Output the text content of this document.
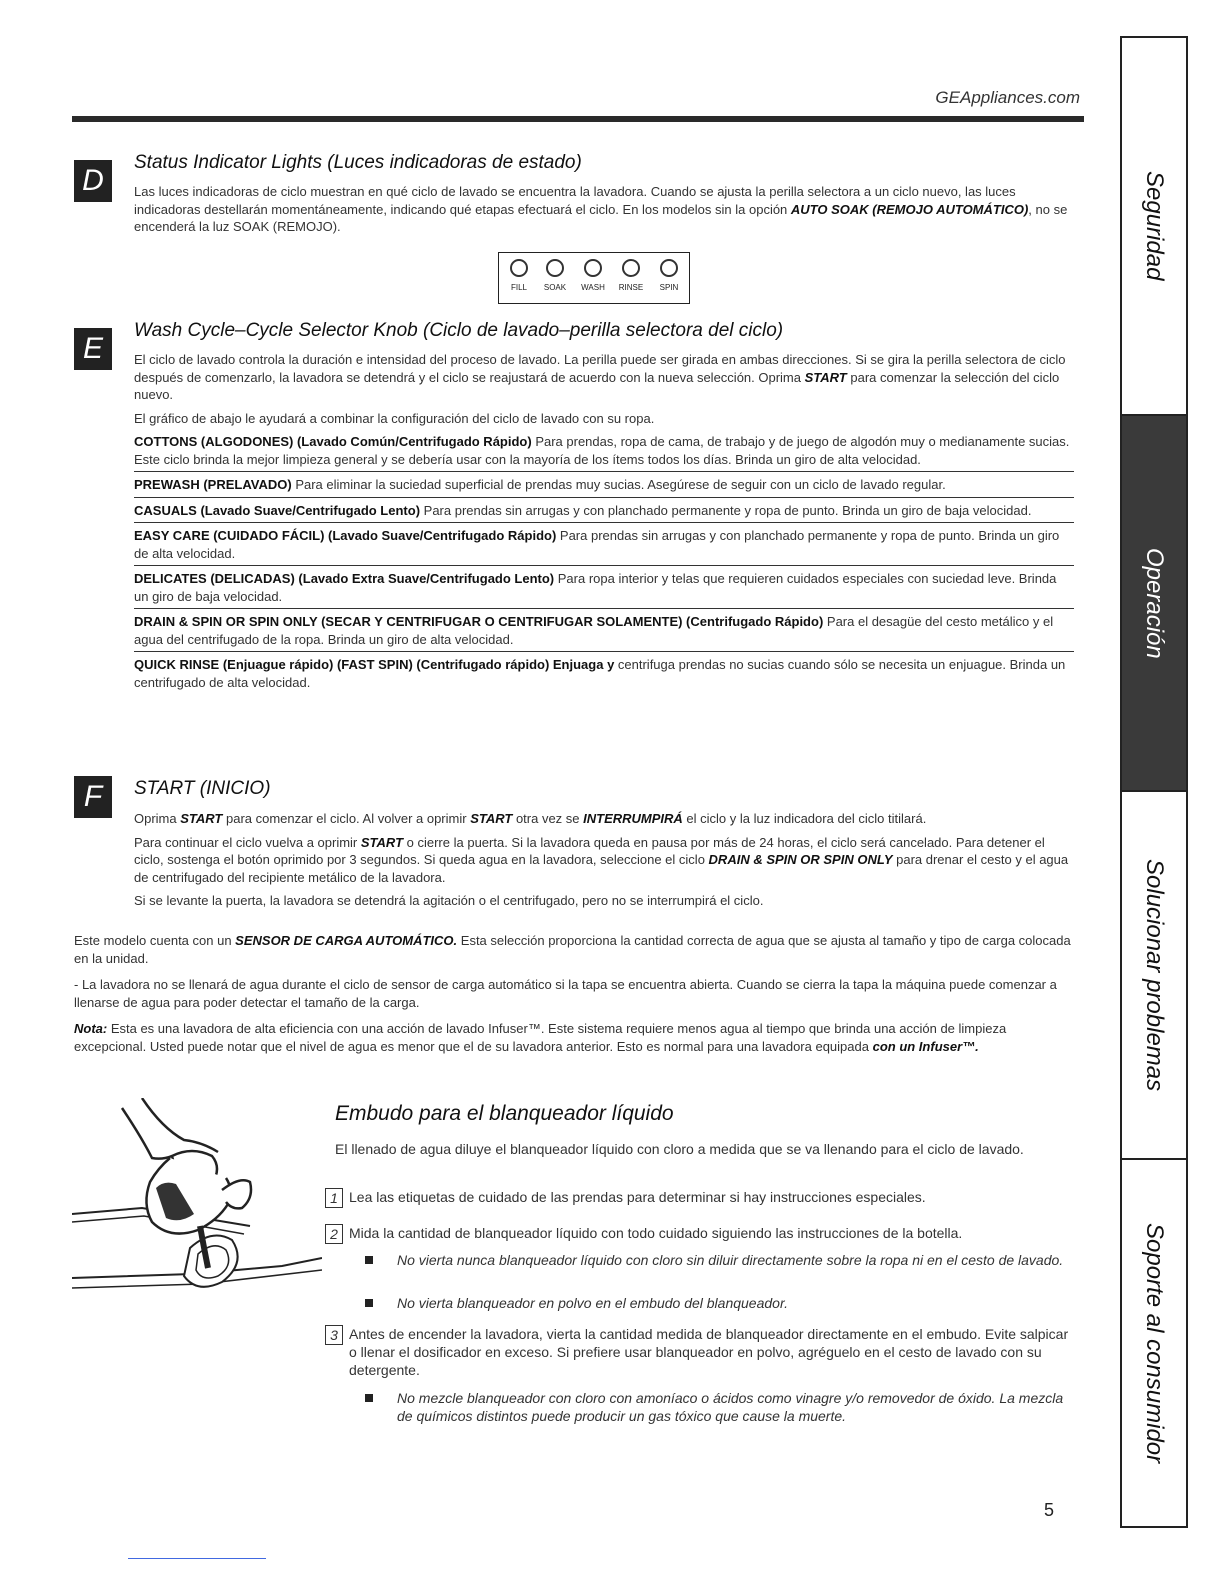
GEAppliances.com
D
Status Indicator Lights (Luces indicadoras de estado)
Las luces indicadoras de ciclo muestran en qué ciclo de lavado se encuentra la lavadora. Cuando se ajusta la perilla selectora a un ciclo nuevo, las luces indicadoras destellarán momentáneamente, indicando qué etapas efectuará el ciclo. En los modelos sin la opción AUTO SOAK (REMOJO AUTOMÁTICO), no se encenderá la luz SOAK (REMOJO).
FILL	SOAK	WASH	RINSE	SPIN
E
Wash Cycle–Cycle Selector Knob (Ciclo de lavado–perilla selectora del ciclo)

El ciclo de lavado controla la duración e intensidad del proceso de lavado. La perilla puede ser girada en ambas direcciones. Si se gira la perilla selectora de ciclo después de comenzarlo, la lavadora se detendrá y el ciclo se reajustará de acuerdo con la nueva selección. Oprima START para comenzar la selección del ciclo nuevo.

El gráfico de abajo le ayudará a combinar la configuración del ciclo de lavado con su ropa.

COTTONS (ALGODONES) (Lavado Común/Centrifugado Rápido) Para prendas, ropa de cama, de trabajo y de juego de algodón muy o medianamente sucias. Este ciclo brinda la mejor limpieza general y se debería usar con la mayoría de los ítems todos los días. Brinda un giro de alta velocidad.
PREWASH (PRELAVADO) Para eliminar la suciedad superficial de prendas muy sucias. Asegúrese de seguir con un ciclo de lavado regular.
CASUALS (Lavado Suave/Centrifugado Lento) Para prendas sin arrugas y con planchado permanente y ropa de punto. Brinda un giro de baja velocidad.
EASY CARE (CUIDADO FÁCIL) (Lavado Suave/Centrifugado Rápido) Para prendas sin arrugas y con planchado permanente y ropa de punto. Brinda un giro de alta velocidad.
DELICATES (DELICADAS) (Lavado Extra Suave/Centrifugado Lento) Para ropa interior y telas que requieren cuidados especiales con suciedad leve. Brinda un giro de baja velocidad.
DRAIN & SPIN OR SPIN ONLY (SECAR Y CENTRIFUGAR O CENTRIFUGAR SOLAMENTE) (Centrifugado Rápido) Para el desagüe del cesto metálico y el agua del centrifugado de la ropa. Brinda un giro de alta velocidad.
QUICK RINSE (Enjuague rápido) (FAST SPIN) (Centrifugado rápido) Enjuaga y centrifuga prendas no sucias cuando sólo se necesita un enjuague. Brinda un centrifugado de alta velocidad.
F	START (INICIO)

Oprima START para comenzar el ciclo. Al volver a oprimir START otra vez se INTERRUMPIRÁ el ciclo y la luz indicadora del ciclo titilará.

Para continuar el ciclo vuelva a oprimir START o cierre la puerta. Si la lavadora queda en pausa por más de 24 horas, el ciclo será cancelado. Para detener el ciclo, sostenga el botón oprimido por 3 segundos. Si queda agua en la lavadora, seleccione el ciclo DRAIN & SPIN OR SPIN ONLY para drenar el cesto y el agua de centrifugado del recipiente metálico de la lavadora.

Si se levante la puerta, la lavadora se detendrá la agitación o el centrifugado, pero no se interrumpirá el ciclo.

Este modelo cuenta con un SENSOR DE CARGA AUTOMÁTICO. Esta selección proporciona la cantidad correcta de agua que se ajusta al tamaño y tipo de carga colocada en la unidad.

- La lavadora no se llenará de agua durante el ciclo de sensor de carga automático si la tapa se encuentra abierta. Cuando se cierra la tapa la máquina puede comenzar a llenarse de agua para poder detectar el tamaño de la carga.

Nota: Esta es una lavadora de alta eficiencia con una acción de lavado Infuser™. Este sistema requiere menos agua al tiempo que brinda una acción de limpieza excepcional. Usted puede notar que el nivel de agua es menor que el de su lavadora anterior. Esto es normal para una lavadora equipada con un Infuser™.

Embudo para el blanqueador líquido
El llenado de agua diluye el blanqueador líquido con cloro a medida que se va llenando para el ciclo de lavado.
1 Lea las etiquetas de cuidado de las prendas para determinar si hay instrucciones especiales.
2 Mida la cantidad de blanqueador líquido con todo cuidado siguiendo las instrucciones de la botella.
No vierta nunca blanqueador líquido con cloro sin diluir directamente sobre la ropa ni en el cesto de lavado.
No vierta blanqueador en polvo en el embudo del blanqueador.
3 Antes de encender la lavadora, vierta la cantidad medida de blanqueador directamente en el embudo. Evite salpicar o llenar el dosificador en exceso. Si prefiere usar blanqueador en polvo, agréguelo en el cesto de lavado con su detergente.
No mezcle blanqueador con cloro con amoníaco o ácidos como vinagre y/o removedor de óxido. La mezcla de químicos distintos puede producir un gas tóxico que cause la muerte.
Seguridad
Operación
Solucionar problemas
Soporte al consumidor
5
